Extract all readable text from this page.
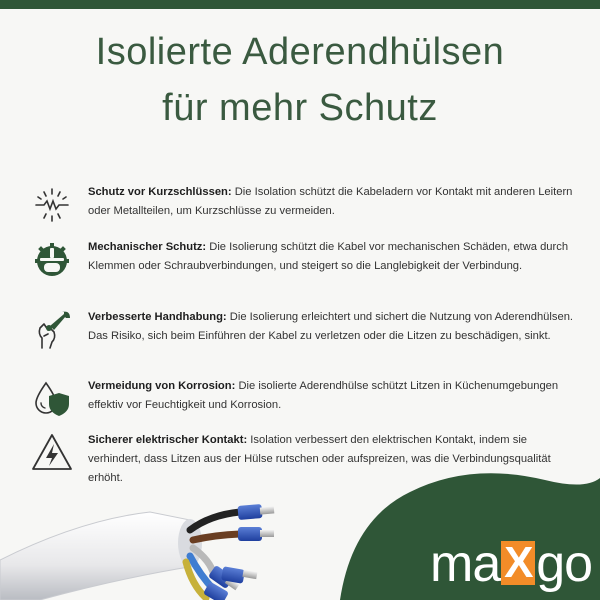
Isolierte Aderendhülsen
für mehr Schutz
Schutz vor Kurzschlüssen: Die Isolation schützt die Kabeladern vor Kontakt mit anderen Leitern oder Metallteilen, um Kurzschlüsse zu vermeiden.
Mechanischer Schutz: Die Isolierung schützt die Kabel vor mechanischen Schäden, etwa durch Klemmen oder Schraubverbindungen, und steigert so die Langlebigkeit der Verbindung.
Verbesserte Handhabung: Die Isolierung erleichtert und sichert die Nutzung von Aderendhülsen. Das Risiko, sich beim Einführen der Kabel zu verletzen oder die Litzen zu beschädigen, sinkt.
Vermeidung von Korrosion: Die isolierte Aderendhülse schützt Litzen in Küchenumgebungen effektiv vor Feuchtigkeit und Korrosion.
Sicherer elektrischer Kontakt: Isolation verbessert den elektrischen Kontakt, indem sie verhindert, dass Litzen aus der Hülse rutschen oder aufspreizen, was die Verbindungsqualität erhöht.
maXgo
